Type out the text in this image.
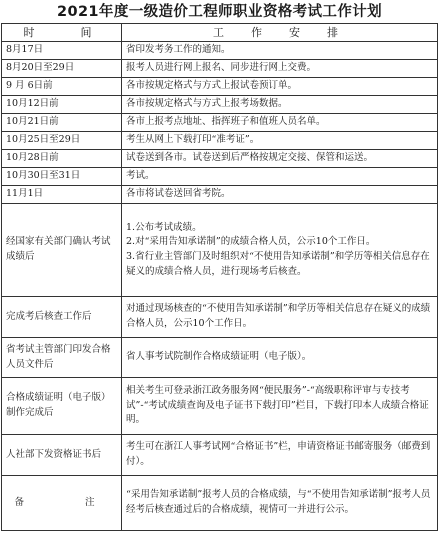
2021年度一级造价工程师职业资格考试工作计划
时　　间	工　作　安　排
8月17日	省印发考务工作的通知。
8月20日至29日	报考人员进行网上报名、同步进行网上交费。
9 月 6日前	各市按规定格式与方式上报试卷预订单。
10月12日前	各市按规定格式与方式上报考场数据。
10月21日前	各市上报考点地址、指挥班子和值班人员名单。
10月25日至29日	考生从网上下载打印“准考证”。
10月28日前	试卷送到各市。试卷送到后严格按规定交接、保管和运送。
10月30日至31日	考试。
11月1日	各市将试卷送回省考院。
经国家有关部门确认考试成绩后	1.公布考试成绩。

2.对“采用告知承诺制”的成绩合格人员，公示10个工作日。

3.省行业主管部门及时组织对“不使用告知承诺制”和学历等相关信息存在疑义的成绩合格人员，进行现场考后核查。

完成考后核查工作后	对通过现场核查的“不使用告知承诺制”和学历等相关信息存在疑义的成绩合格人员，公示10个工作日。
省考试主管部门印发合格人员文件后	省人事考试院制作合格成绩证明（电子版）。
合格成绩证明（电子版）制作完成后	相关考生可登录浙江政务服务网“便民服务”-“高级职称评审与专技考试”-“考试成绩查询及电子证书下载打印”栏目，下载打印本人成绩合格证明。
人社部下发资格证书后	考生可在浙江人事考试网“合格证书”栏，申请资格证书邮寄服务（邮费到付）。
备　　注	“采用告知承诺制”报考人员的合格成绩，与“不使用告知承诺制”报考人员经考后核查通过后的合格成绩，视情可一并进行公示。
